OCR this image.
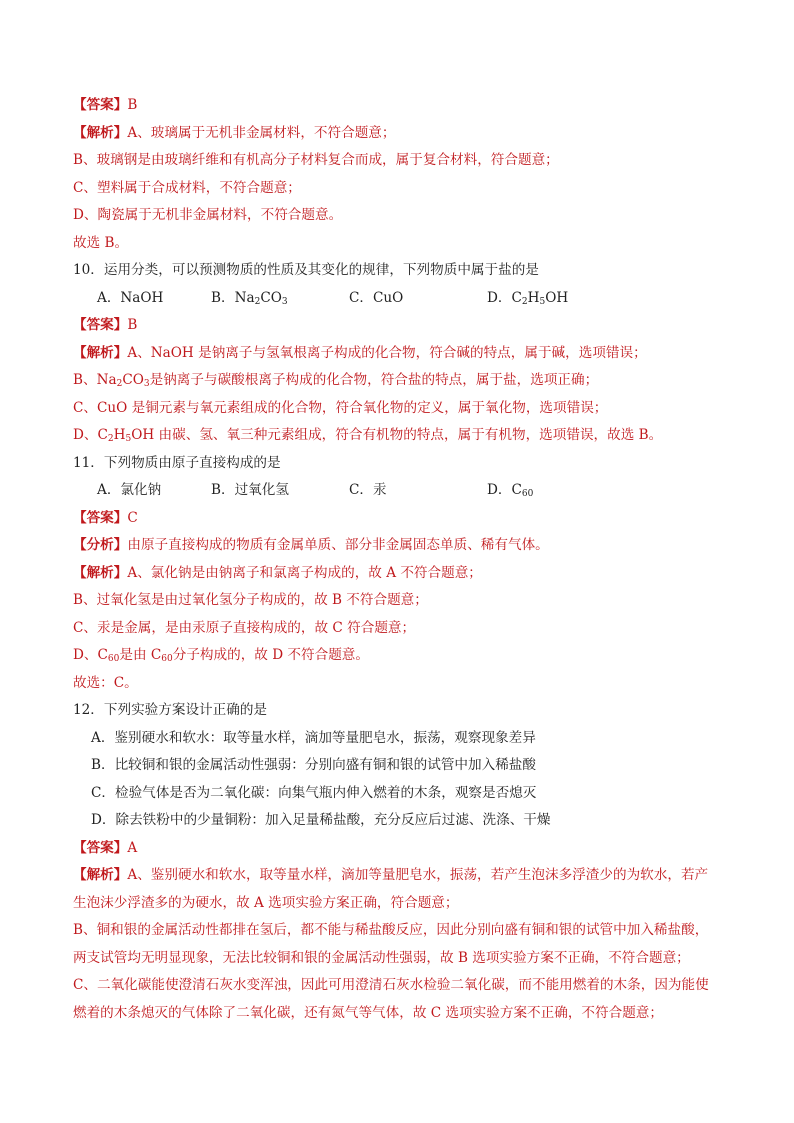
【答案】B
【解析】A、玻璃属于无机非金属材料，不符合题意；
B、玻璃钢是由玻璃纤维和有机高分子材料复合而成，属于复合材料，符合题意；
C、塑料属于合成材料，不符合题意；
D、陶瓷属于无机非金属材料，不符合题意。
故选 B。
10．运用分类，可以预测物质的性质及其变化的规律，下列物质中属于盐的是
A．NaOH	B．$Na_2CO_3$	C．CuO	D．$C_2H_5OH$
【答案】B
【解析】A、NaOH 是钠离子与氢氧根离子构成的化合物，符合碱的特点，属于碱，选项错误；
B、$Na_2CO_3$是钠离子与碳酸根离子构成的化合物，符合盐的特点，属于盐，选项正确；
C、CuO 是铜元素与氧元素组成的化合物，符合氧化物的定义，属于氧化物，选项错误；
D、$C_2H_5OH$ 由碳、氢、氧三种元素组成，符合有机物的特点，属于有机物，选项错误，故选 B。
11．下列物质由原子直接构成的是
A．氯化钠	B．过氧化氢	C．汞	D．$C_{60}$
【答案】C
【分析】由原子直接构成的物质有金属单质、部分非金属固态单质、稀有气体。
【解析】A、氯化钠是由钠离子和氯离子构成的，故 A 不符合题意；
B、过氧化氢是由过氧化氢分子构成的，故 B 不符合题意；
C、汞是金属，是由汞原子直接构成的，故 C 符合题意；
D、$C_{60}$是由 $C_{60}$分子构成的，故 D 不符合题意。
故选：C。
12．下列实验方案设计正确的是
A．鉴别硬水和软水：取等量水样，滴加等量肥皂水，振荡，观察现象差异
B．比较铜和银的金属活动性强弱：分别向盛有铜和银的试管中加入稀盐酸
C．检验气体是否为二氧化碳：向集气瓶内伸入燃着的木条，观察是否熄灭
D．除去铁粉中的少量铜粉：加入足量稀盐酸，充分反应后过滤、洗涤、干燥
【答案】A
【解析】A、鉴别硬水和软水，取等量水样，滴加等量肥皂水，振荡，若产生泡沫多浮渣少的为软水，若产
生泡沫少浮渣多的为硬水，故 A 选项实验方案正确，符合题意；
B、铜和银的金属活动性都排在氢后，都不能与稀盐酸反应，因此分别向盛有铜和银的试管中加入稀盐酸，
两支试管均无明显现象，无法比较铜和银的金属活动性强弱，故 B 选项实验方案不正确，不符合题意；
C、二氧化碳能使澄清石灰水变浑浊，因此可用澄清石灰水检验二氧化碳，而不能用燃着的木条，因为能使
燃着的木条熄灭的气体除了二氧化碳，还有氮气等气体，故 C 选项实验方案不正确，不符合题意；
